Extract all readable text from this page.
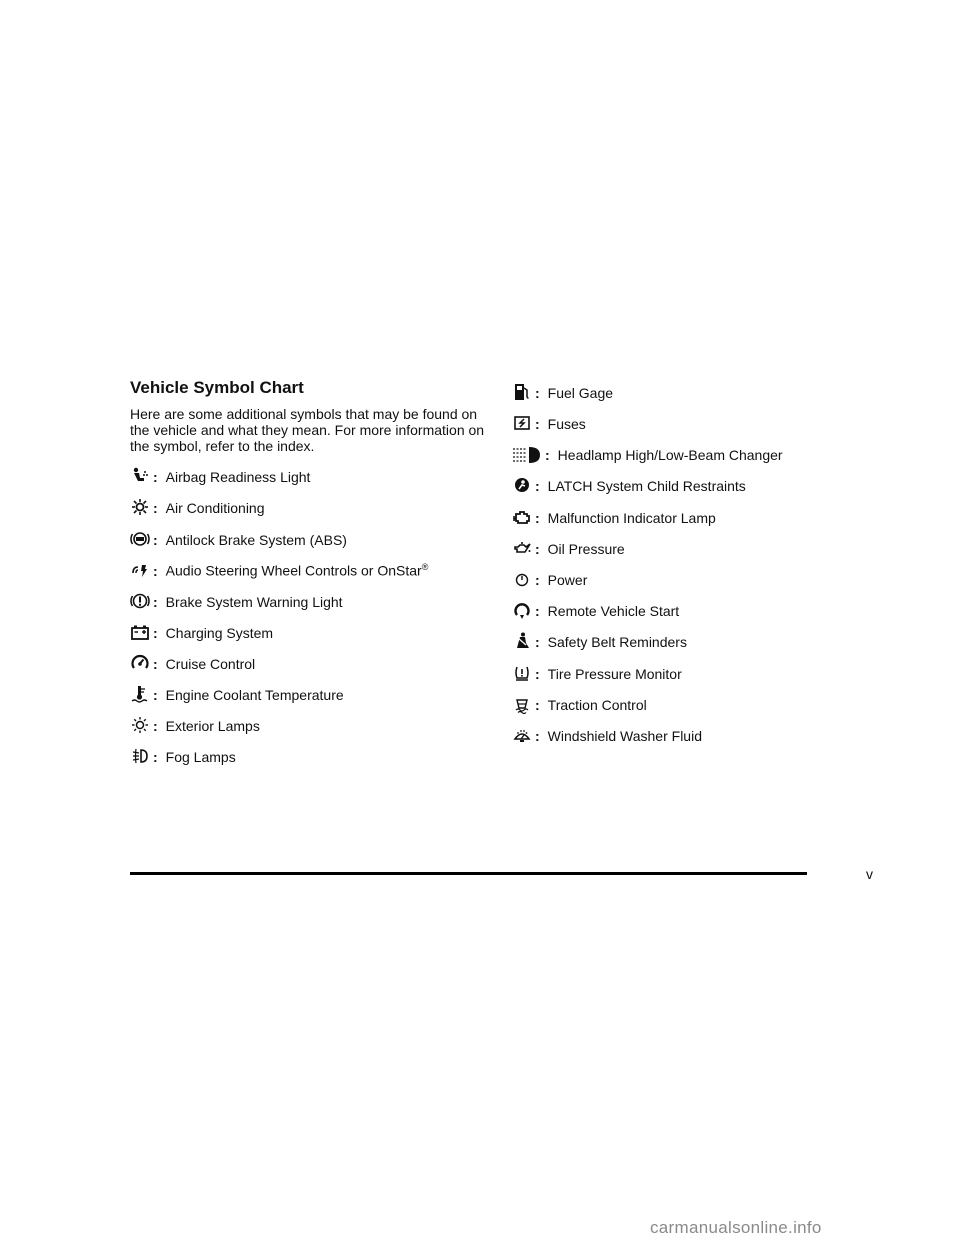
Vehicle Symbol Chart
Here are some additional symbols that may be found on the vehicle and what they mean. For more information on the symbol, refer to the index.
: Airbag Readiness Light
: Air Conditioning
: Antilock Brake System (ABS)
: Audio Steering Wheel Controls or OnStar®
: Brake System Warning Light
: Charging System
: Cruise Control
: Engine Coolant Temperature
: Exterior Lamps
: Fog Lamps
: Fuel Gage
: Fuses
: Headlamp High/Low-Beam Changer
: LATCH System Child Restraints
: Malfunction Indicator Lamp
: Oil Pressure
: Power
: Remote Vehicle Start
: Safety Belt Reminders
: Tire Pressure Monitor
: Traction Control
: Windshield Washer Fluid
v
carmanualsonline.info
